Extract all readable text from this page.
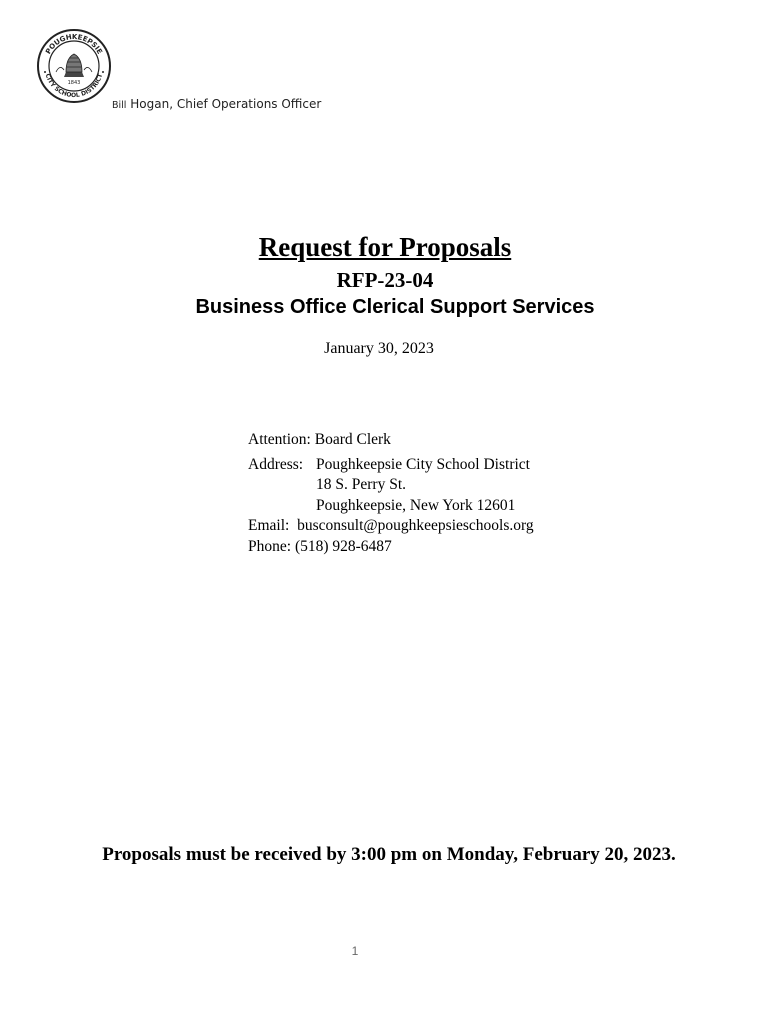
POUGHKEEPSIE
CITY SCHOOL DISTRICT
1843
Bill Hogan, Chief Operations Officer
Request for Proposals
RFP-23-04
Business Office Clerical Support Services
January 30, 2023
Attention:
Board Clerk
Address: Poughkeepsie City School District
18 S. Perry St.
Poughkeepsie, New York 12601
Email:
busconsult@poughkeepsieschools.org
Phone:
(518) 928-6487
Proposals must be received by 3:00 pm on Monday, February 20, 2023.
1
